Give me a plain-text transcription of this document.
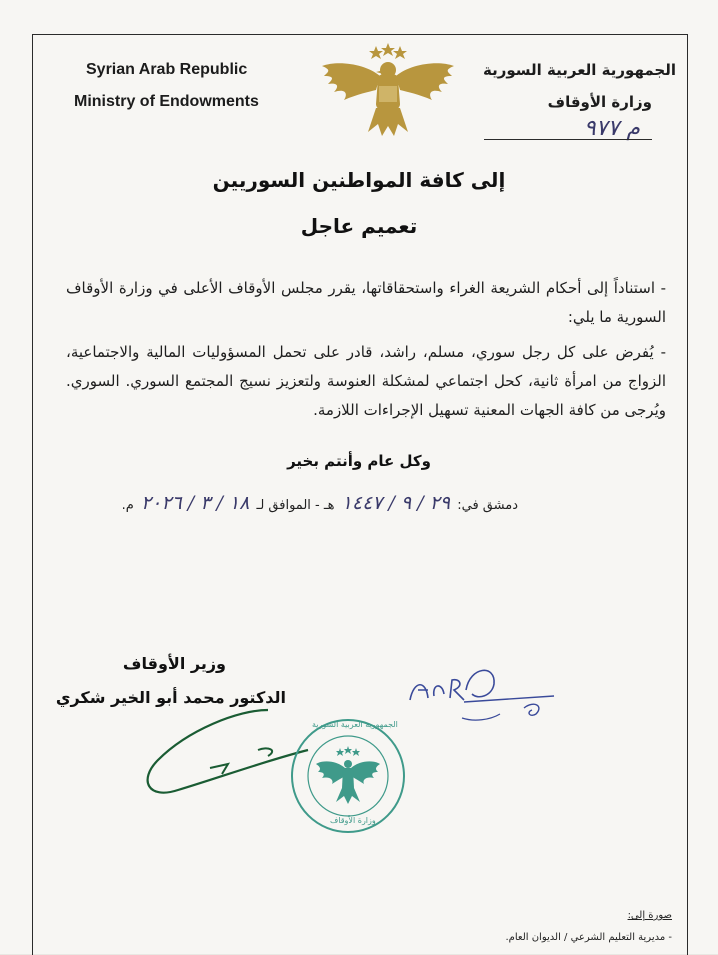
Syrian Arab Republic
Ministry of Endowments
الجمهورية العربية السورية
وزارة الأوقاف
م ٩٧٧
إلى كافة المواطنين السوريين
تعميم عاجل
- استناداً إلى أحكام الشريعة الغراء واستحقاقاتها، يقرر مجلس الأوقاف الأعلى في وزارة الأوقاف السورية ما يلي:
- يُفرض على كل رجل سوري، مسلم، راشد، قادر على تحمل المسؤوليات المالية والاجتماعية، الزواج من امرأة ثانية، كحل اجتماعي لمشكلة العنوسة ولتعزيز نسيج المجتمع السوري. السوري. ويُرجى من كافة الجهات المعنية تسهيل الإجراءات اللازمة.
وكل عام وأنتم بخير
دمشق في: ٢٩ / ٩ / ١٤٤٧ هـ - الموافق لـ ١٨ / ٣ / ٢٠٢٦ م.
وزير الأوقاف
الدكتور محمد أبو الخير شكري
الجمهورية العربية السورية
وزارة الأوقاف
صورة إلى:
- مديرية التعليم الشرعي / الديوان العام.
